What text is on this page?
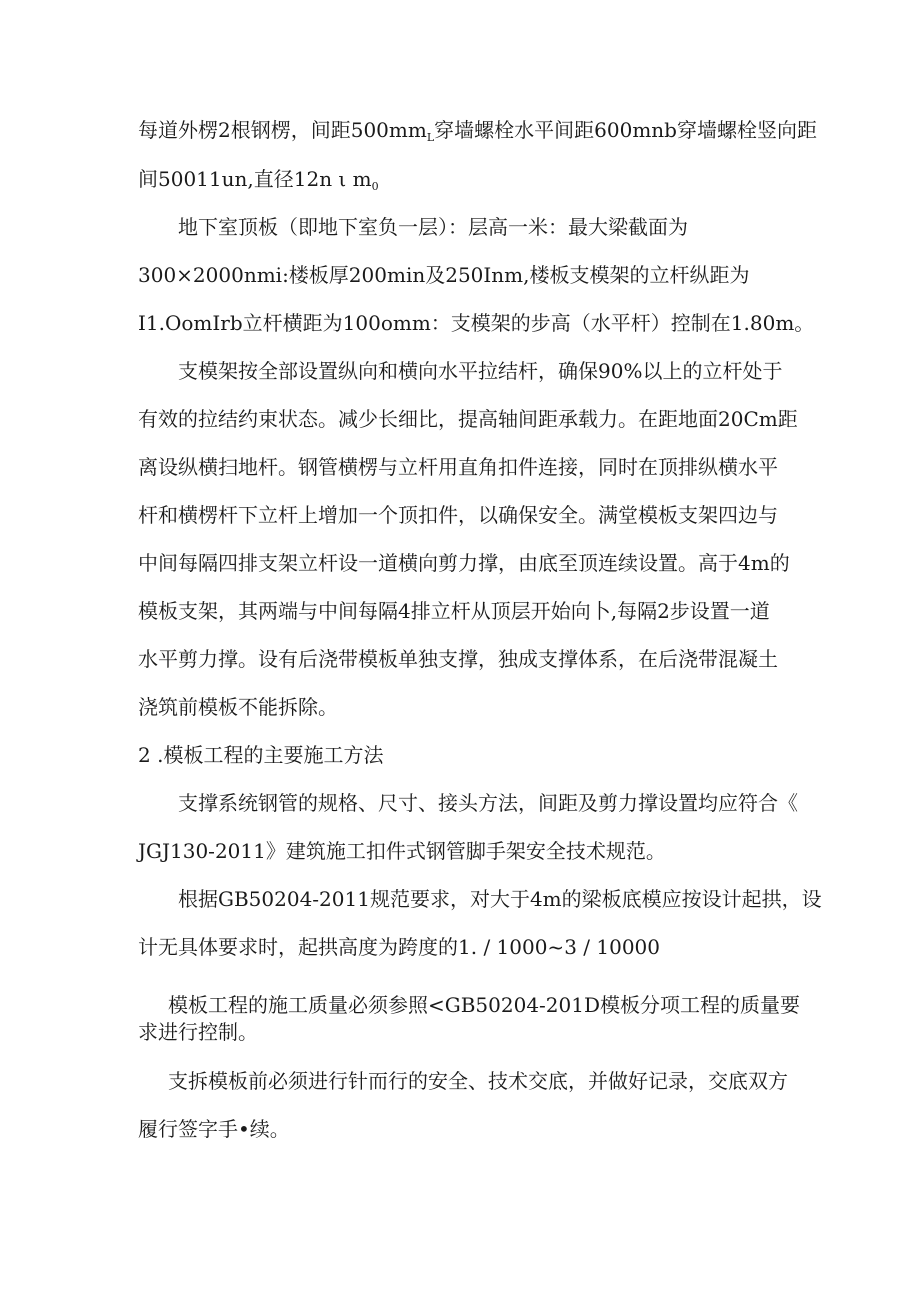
每道外楞2根钢楞，间距$500mm_L$穿墙螺栓水平间距600mnb穿墙螺栓竖向距
间50011un,直径12n ι $m_0$
地下室顶板（即地下室负一层）：层高一米：最大梁截面为
300×2000nmi:楼板厚200min及250Inm,楼板支模架的立杆纵距为
I1.OomIrb立杆横距为100omm：支模架的步高（水平杆）控制在1.80m。
支模架按全部设置纵向和横向水平拉结杆，确保90%以上的立杆处于
有效的拉结约束状态。减少长细比，提高轴间距承载力。在距地面20Cm距
离设纵横扫地杆。钢管横楞与立杆用直角扣件连接，同时在顶排纵横水平
杆和横楞杆下立杆上增加一个顶扣件，以确保安全。满堂模板支架四边与
中间每隔四排支架立杆设一道横向剪力撑，由底至顶连续设置。高于4m的
模板支架，其两端与中间每隔4排立杆从顶层开始向卜,每隔2步设置一道
水平剪力撑。设有后浇带模板单独支撑，独成支撑体系，在后浇带混凝土
浇筑前模板不能拆除。
2 .模板工程的主要施工方法
支撑系统钢管的规格、尺寸、接头方法，间距及剪力撑设置均应符合《
JGJ130-2011》建筑施工扣件式钢管脚手架安全技术规范。
根据GB50204-2011规范要求，对大于4m的梁板底模应按设计起拱，设
计无具体要求时，起拱高度为跨度的1. / 1000~3 / 10000
模板工程的施工质量必须参照<GB50204-201D模板分项工程的质量要
求进行控制。
支拆模板前必须进行针而行的安全、技术交底，并做好记录，交底双方
履行签字手•续。
